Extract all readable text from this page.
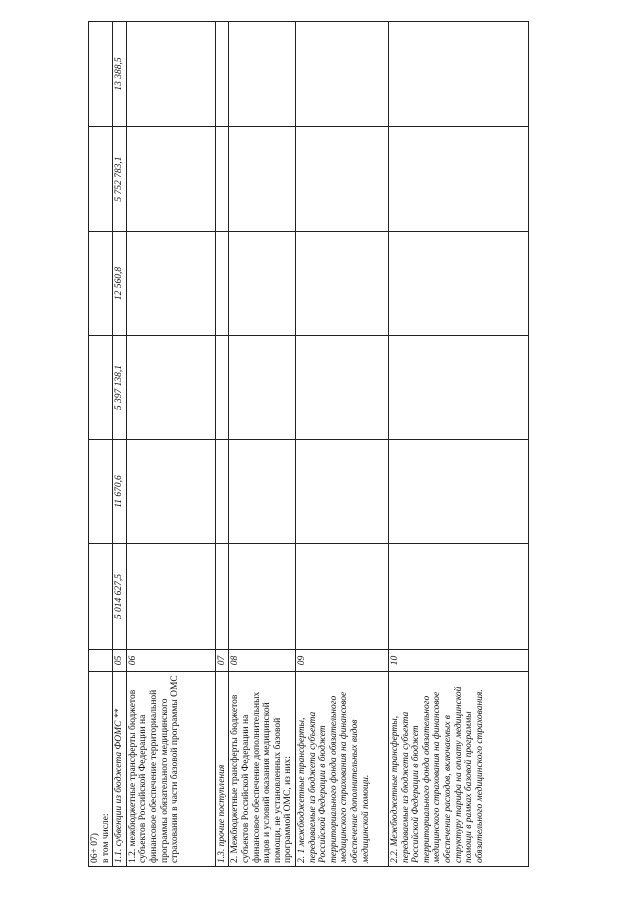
06+ 07)
в том числе:							
1.1. субвенции из бюджета ФОМС **	05	5 014 627,5	11 670,6	5 397 138,1	12 560,8	5 752 783,1	13 388,5
1.2. межбюджетные трансферты бюджетов субъектов Российской Федерации на финансовое обеспечение территориальной программы обязательного медицинского страхования в части базовой программы ОМС	06						
1.3. прочие поступления	07						
2. Межбюджетные трансферты бюджетов субъектов Российской Федерации на финансовое обеспечение дополнительных видов и условий оказания медицинской помощи, не установленных базовой программой ОМС, из них:	08						
2. 1 межбюджетные трансферты, передаваемые из бюджета субъекта Российской Федерации в бюджет территориального фонда обязательного медицинского страхования на финансовое обеспечение дополнительных видов медицинской помощи.	09						
2.2. Межбюджетные трансферты, передаваемые из бюджета субъекта Российской Федерации в бюджет территориального фонда обязательного медицинского страхования на финансовое обеспечение расходов, включаемых в структуру тарифа на оплату медицинской помощи в рамках базовой программы обязательного медицинского страхования.	10						
